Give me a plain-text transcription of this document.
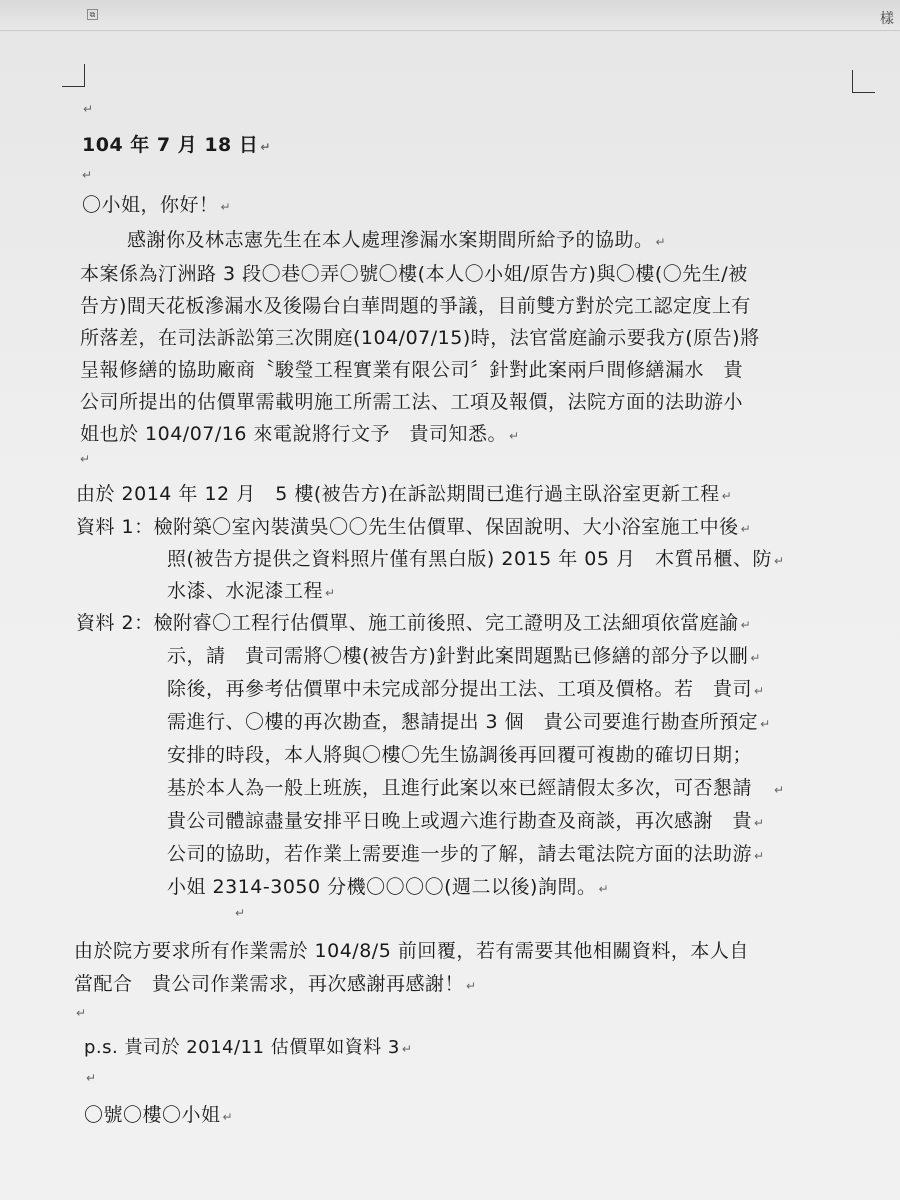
⧉	樣
↵
104 年 7 月 18 日 ↵
↵
〇小姐，你好！ ↵
感謝你及林志憲先生在本人處理滲漏水案期間所給予的協助。 ↵
本案係為汀洲路 3 段〇巷〇弄〇號〇樓(本人〇小姐/原告方)與〇樓(〇先生/被
告方)間天花板滲漏水及後陽台白華問題的爭議，目前雙方對於完工認定度上有
所落差，在司法訴訟第三次開庭(104/07/15)時，法官當庭諭示要我方(原告)將
呈報修繕的協助廠商〝駿瑩工程實業有限公司〞針對此案兩戶間修繕漏水　貴
公司所提出的估價單需載明施工所需工法、工項及報價，法院方面的法助游小
姐也於 104/07/16 來電說將行文予　貴司知悉。 ↵
↵
由於 2014 年 12 月　5 樓(被告方)在訴訟期間已進行過主臥浴室更新工程 ↵
資料 1：檢附築〇室內裝潢吳〇〇先生估價單、保固說明、大小浴室施工中後 ↵
照(被告方提供之資料照片僅有黑白版) 2015 年 05 月　木質吊櫃、防 ↵
水漆、水泥漆工程 ↵
資料 2：檢附睿〇工程行估價單、施工前後照、完工證明及工法細項依當庭諭 ↵
示，請　貴司需將〇樓(被告方)針對此案問題點已修繕的部分予以刪 ↵
除後，再參考估價單中未完成部分提出工法、工項及價格。若　貴司 ↵
需進行、〇樓的再次勘查，懇請提出 3 個　貴公司要進行勘查所預定 ↵
安排的時段，本人將與〇樓〇先生協調後再回覆可複勘的確切日期；
基於本人為一般上班族，且進行此案以來已經請假太多次，可否懇請 ↵
貴公司體諒盡量安排平日晚上或週六進行勘查及商談，再次感謝　貴 ↵
公司的協助，若作業上需要進一步的了解，請去電法院方面的法助游 ↵
小姐 2314-3050 分機〇〇〇〇(週二以後)詢問。 ↵
↵
由於院方要求所有作業需於 104/8/5 前回覆，若有需要其他相關資料，本人自
當配合　貴公司作業需求，再次感謝再感謝！ ↵
↵
p.s. 貴司於 2014/11 估價單如資料 3 ↵
↵
〇號〇樓〇小姐 ↵
